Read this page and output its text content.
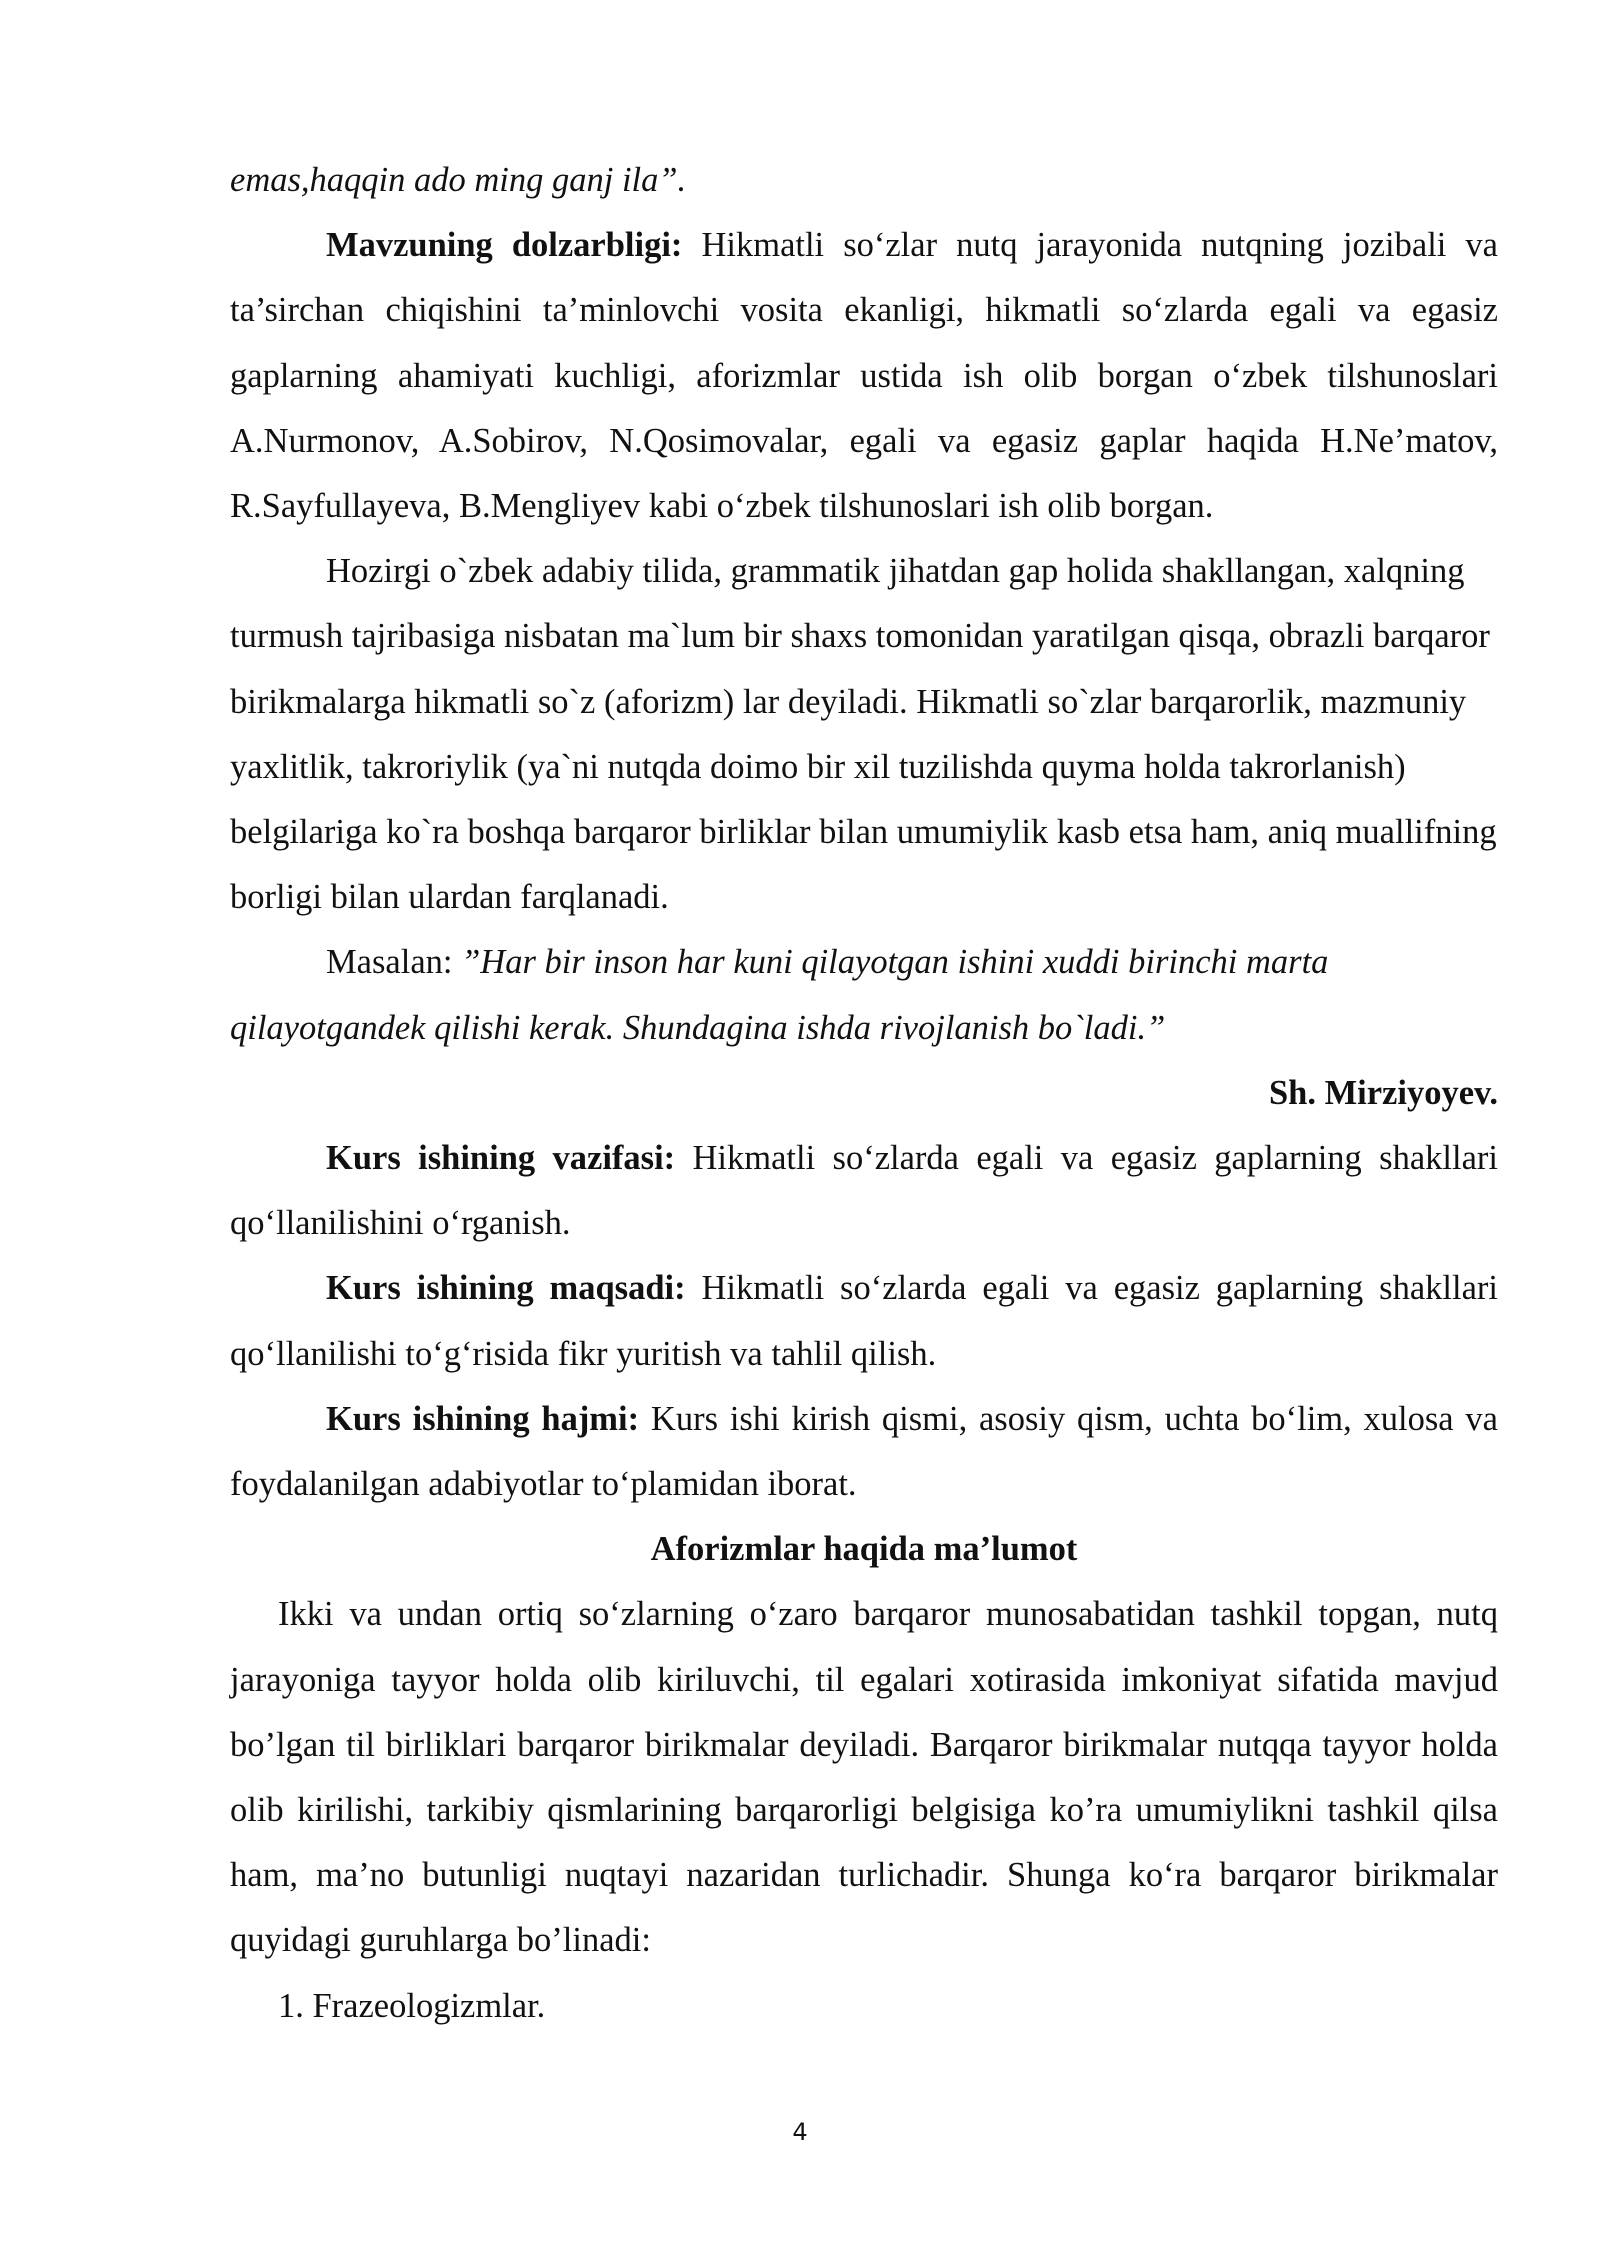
emas,haqqin ado ming ganj ila”.

Mavzuning dolzarbligi: Hikmatli so‘zlar nutq jarayonida nutqning jozibali va ta’sirchan chiqishini ta’minlovchi vosita ekanligi, hikmatli so‘zlarda egali va egasiz gaplarning ahamiyati kuchligi, aforizmlar ustida ish olib borgan o‘zbek tilshunoslari A.Nurmonov, A.Sobirov, N.Qosimovalar, egali va egasiz gaplar haqida H.Ne’matov, R.Sayfullayeva, B.Mengliyev kabi o‘zbek tilshunoslari ish olib borgan.

Hozirgi o`zbek adabiy tilida, grammatik jihatdan gap holida shakllangan, xalqning turmush tajribasiga nisbatan ma`lum bir shaxs tomonidan yaratilgan qisqa, obrazli barqaror birikmalarga hikmatli so`z (aforizm) lar deyiladi. Hikmatli so`zlar barqarorlik, mazmuniy yaxlitlik, takroriylik (ya`ni nutqda doimo bir xil tuzilishda quyma holda takrorlanish) belgilariga ko`ra boshqa barqaror birliklar bilan umumiylik kasb etsa ham, aniq muallifning borligi bilan ulardan farqlanadi.

Masalan: ”Har bir inson har kuni qilayotgan ishini xuddi birinchi marta qilayotgandek qilishi kerak. Shundagina ishda rivojlanish bo`ladi.”

Sh. Mirziyoyev.

Kurs ishining vazifasi: Hikmatli so‘zlarda egali va egasiz gaplarning shakllari qo‘llanilishini o‘rganish.

Kurs ishining maqsadi: Hikmatli so‘zlarda egali va egasiz gaplarning shakllari qo‘llanilishi to‘g‘risida fikr yuritish va tahlil qilish.

Kurs ishining hajmi: Kurs ishi kirish qismi, asosiy qism, uchta bo‘lim, xulosa va foydalanilgan adabiyotlar to‘plamidan iborat.

Aforizmlar haqida ma’lumot

Ikki va undan ortiq so‘zlarning o‘zaro barqaror munosabatidan tashkil topgan, nutq jarayoniga tayyor holda olib kiriluvchi, til egalari xotirasida imkoniyat sifatida mavjud bo’lgan til birliklari barqaror birikmalar deyiladi. Barqaror birikmalar nutqqa tayyor holda olib kirilishi, tarkibiy qismlarining barqarorligi belgisiga ko’ra umumiylikni tashkil qilsa ham, ma’no butunligi nuqtayi nazaridan turlichadir. Shunga ko‘ra barqaror birikmalar quyidagi guruhlarga bo’linadi:

1. Frazeologizmlar.

4
